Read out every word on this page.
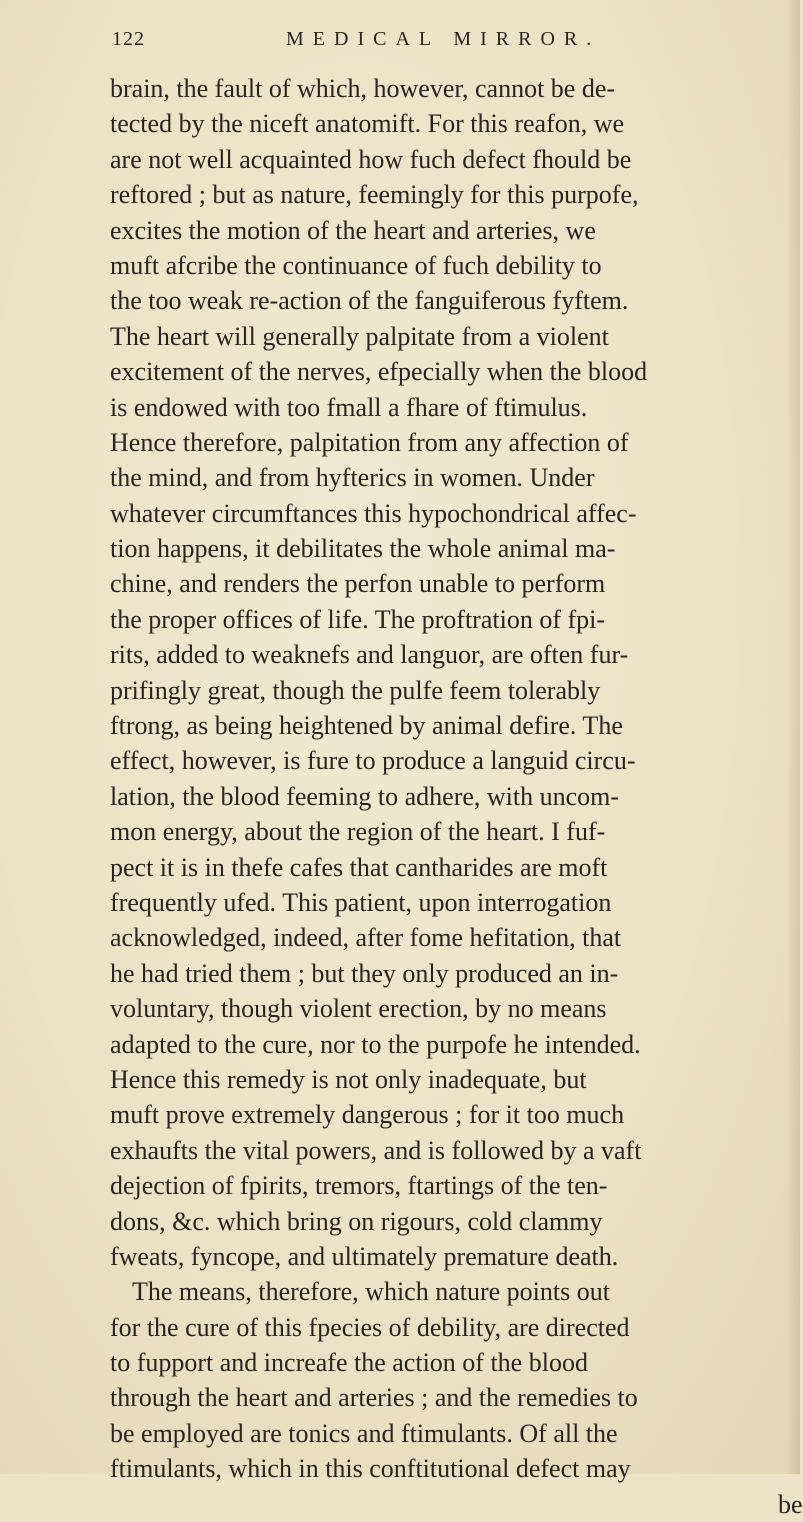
122	MEDICAL MIRROR.
brain, the fault of which, however, cannot be de-
tected by the niceft anatomift. For this reafon, we
are not well acquainted how fuch defect fhould be
reftored ; but as nature, feemingly for this purpofe,
excites the motion of the heart and arteries, we
muft afcribe the continuance of fuch debility to
the too weak re-action of the fanguiferous fyftem.
The heart will generally palpitate from a violent
excitement of the nerves, efpecially when the blood
is endowed with too fmall a fhare of ftimulus.
Hence therefore, palpitation from any affection of
the mind, and from hyfterics in women. Under
whatever circumftances this hypochondrical affec-
tion happens, it debilitates the whole animal ma-
chine, and renders the perfon unable to perform
the proper offices of life. The proftration of fpi-
rits, added to weaknefs and languor, are often fur-
prifingly great, though the pulfe feem tolerably
ftrong, as being heightened by animal defire. The
effect, however, is fure to produce a languid circu-
lation, the blood feeming to adhere, with uncom-
mon energy, about the region of the heart. I fuf-
pect it is in thefe cafes that cantharides are moft
frequently ufed. This patient, upon interrogation
acknowledged, indeed, after fome hefitation, that
he had tried them ; but they only produced an in-
voluntary, though violent erection, by no means
adapted to the cure, nor to the purpofe he intended.
Hence this remedy is not only inadequate, but
muft prove extremely dangerous ; for it too much
exhaufts the vital powers, and is followed by a vaft
dejection of fpirits, tremors, ftartings of the ten-
dons, &c. which bring on rigours, cold clammy
fweats, fyncope, and ultimately premature death.
The means, therefore, which nature points out
for the cure of this fpecies of debility, are directed
to fupport and increafe the action of the blood
through the heart and arteries ; and the remedies to
be employed are tonics and ftimulants. Of all the
ftimulants, which in this conftitutional defect may
be
